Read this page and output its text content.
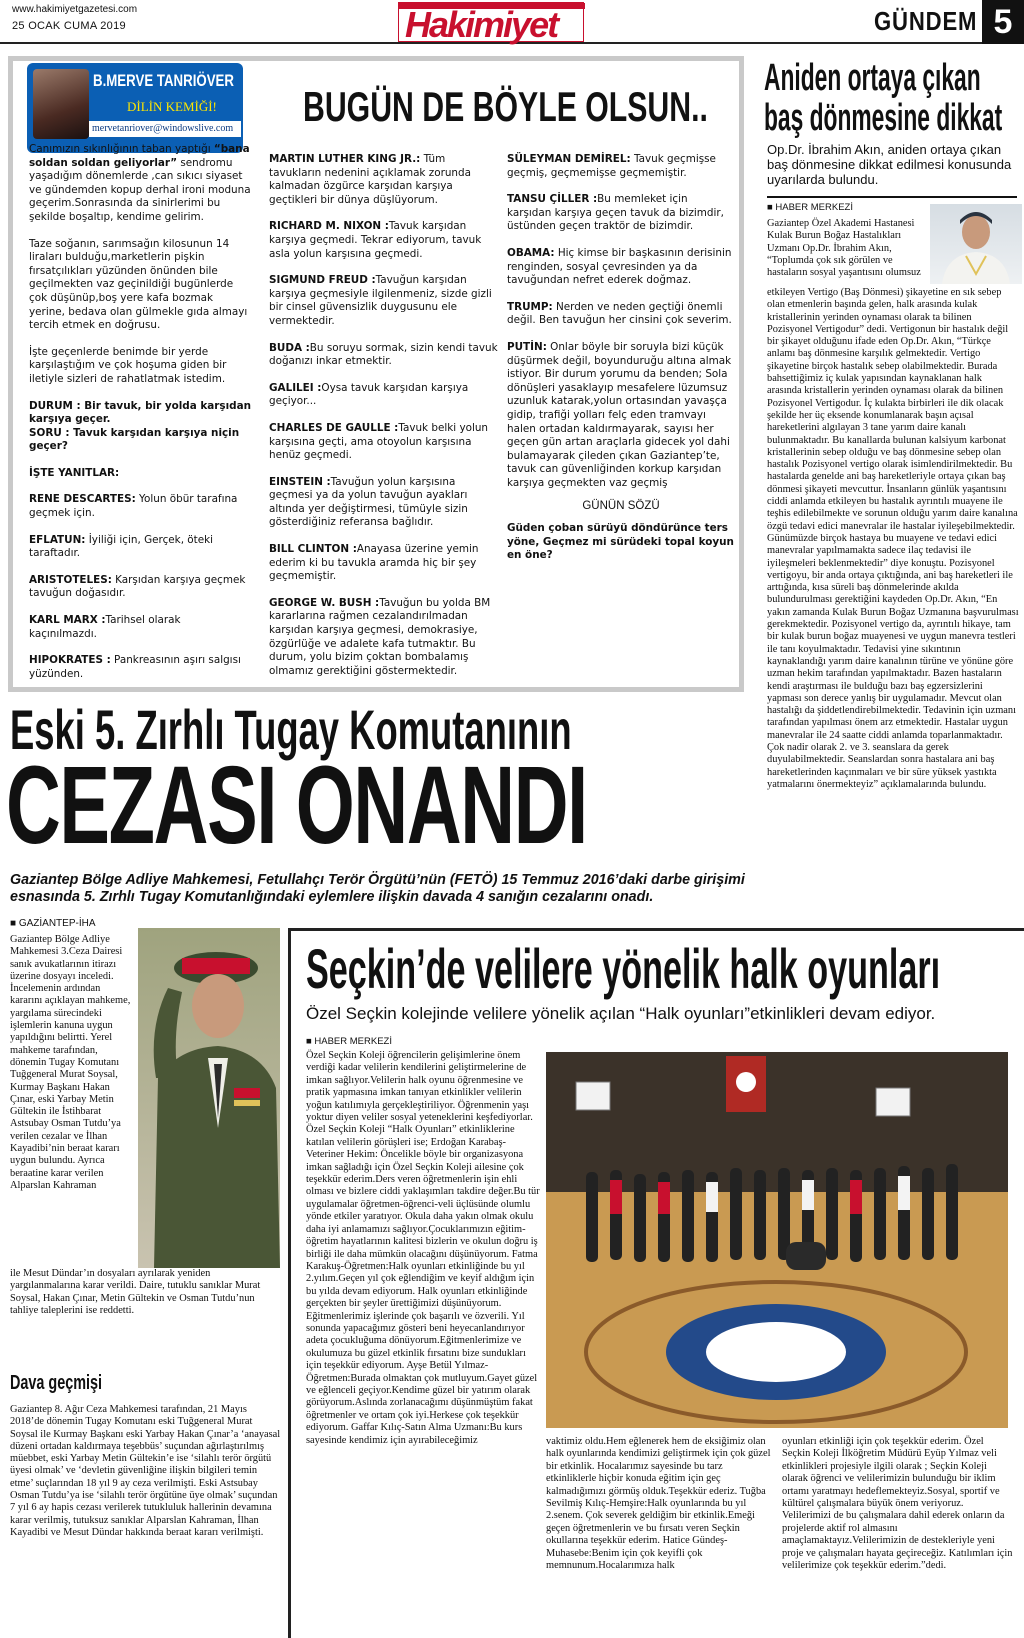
www.hakimiyetgazetesi.com
25 OCAK CUMA 2019	Hakimiyet	GÜNDEM 5
B.MERVE TANRIÖVER
DİLİN KEMİĞİ!
mervetanriover@windowslive.com BUGÜN DE BÖYLE OLSUN..

Canımızın sıkınlığının taban yaptığı “bana soldan soldan geliyorlar” sendromu yaşadığım dönemlerde ,can sıkıcı siyaset ve gündemden kopup derhal ironi moduna geçerim.Sonrasında da sinirlerimi bu şekilde boşaltıp, kendime gelirim.

Taze soğanın, sarımsağın kilosunun 14 liraları bulduğu,marketlerin pişkin fırsatçılıkları yüzünden önünden bile geçilmekten vaz geçinildiği bugünlerde çok düşünüp,boş yere kafa bozmak yerine, bedava olan gülmekle gıda almayı tercih etmek en doğrusu.

İşte geçenlerde benimde bir yerde karşılaştığım ve çok hoşuma giden bir iletiyle sizleri de rahatlatmak istedim.

DURUM : Bir tavuk, bir yolda karşıdan karşıya geçer.
SORU : Tavuk karşıdan karşıya niçin geçer?

İŞTE YANITLAR:

RENE DESCARTES: Yolun öbür tarafına geçmek için.

EFLATUN: İyiliği için, Gerçek, öteki taraftadır.

ARISTOTELES: Karşıdan karşıya geçmek tavuğun doğasıdır.

KARL MARX :Tarihsel olarak kaçınılmazdı.

HIPOKRATES : Pankreasının aşırı salgısı yüzünden.

MARTIN LUTHER KING JR.: Tüm tavukların nedenini açıklamak zorunda kalmadan özgürce karşıdan karşıya geçtikleri bir dünya düşlüyorum.

RICHARD M. NIXON :Tavuk karşıdan karşıya geçmedi. Tekrar ediyorum, tavuk asla yolun karşısına geçmedi.

SIGMUND FREUD :Tavuğun karşıdan karşıya geçmesiyle ilgilenmeniz, sizde gizli bir cinsel güvensizlik duygusunu ele vermektedir.

BUDA :Bu soruyu sormak, sizin kendi tavuk doğanızı inkar etmektir.

GALILEI :Oysa tavuk karşıdan karşıya geçiyor...

CHARLES DE GAULLE :Tavuk belki yolun karşısına geçti, ama otoyolun karşısına henüz geçmedi.

EINSTEIN :Tavuğun yolun karşısına geçmesi ya da yolun tavuğun ayakları altında yer değiştirmesi, tümüyle sizin gösterdiğiniz referansa bağlıdır.

BILL CLINTON :Anayasa üzerine yemin ederim ki bu tavukla aramda hiç bir şey geçmemiştir.

GEORGE W. BUSH :Tavuğun bu yolda BM kararlarına rağmen cezalandırılmadan karşıdan karşıya geçmesi, demokrasiye, özgürlüğe ve adalete kafa tutmaktır. Bu durum, yolu bizim çoktan bombalamış olmamız gerektiğini göstermektedir.

SÜLEYMAN DEMİREL: Tavuk geçmişse geçmiş, geçmemişse geçmemiştir.

TANSU ÇİLLER :Bu memleket için karşıdan karşıya geçen tavuk da bizimdir, üstünden geçen traktör de bizimdir.

OBAMA: Hiç kimse bir başkasının derisinin renginden, sosyal çevresinden ya da tavuğundan nefret ederek doğmaz.

TRUMP: Nerden ve neden geçtiği önemli değil. Ben tavuğun her cinsini çok severim.

PUTİN: Onlar böyle bir soruyla bizi küçük düşürmek değil, boyunduruğu altına almak istiyor. Bir durum yorumu da benden; Sola dönüşleri yasaklayıp mesafelere lüzumsuz uzunluk katarak,yolun ortasından yavaşça gidip, trafiği yolları felç eden tramvayı halen ortadan kaldırmayarak, sayısı her geçen gün artan araçlarla gidecek yol dahi bulamayarak çileden çıkan Gaziantep’te, tavuk can güvenliğinden korkup karşıdan karşıya geçmekten vaz geçmiş

GÜNÜN SÖZÜ

Güden çoban sürüyü döndürünce ters yöne, Geçmez mi sürüdeki topal koyun en öne?

Aniden ortaya çıkan
baş dönmesine dikkat
Op.Dr. İbrahim Akın, aniden ortaya çıkan baş dönmesine dikkat edilmesi konusunda uyarılarda bulundu.
■ HABER MERKEZİ
Gaziantep Özel Akademi Hastanesi Kulak Burun Boğaz Hastalıkları Uzmanı Op.Dr. İbrahim Akın, “Toplumda çok sık görülen ve hastaların sosyal yaşantısını olumsuz
etkileyen Vertigo (Baş Dönmesi) şikayetine en sık sebep olan etmenlerin başında gelen, halk arasında kulak kristallerinin yerinden oynaması olarak ta bilinen Pozisyonel Vertigodur” dedi. Vertigonun bir hastalık değil bir şikayet olduğunu ifade eden Op.Dr. Akın, “Türkçe anlamı baş dönmesine karşılık gelmektedir. Vertigo şikayetine birçok hastalık sebep olabilmektedir. Burada bahsettiğimiz iç kulak yapısından kaynaklanan halk arasında kristallerin yerinden oynaması olarak da bilinen Pozisyonel Vertigodur. İç kulakta birbirleri ile dik olacak şekilde her üç eksende konumlanarak başın açısal hareketlerini algılayan 3 tane yarım daire kanalı bulunmaktadır. Bu kanallarda bulunan kalsiyum karbonat kristallerinin sebep olduğu ve baş dönmesine sebep olan hastalık Pozisyonel vertigo olarak isimlendirilmektedir. Bu hastalarda genelde ani baş hareketleriyle ortaya çıkan baş dönmesi şikayeti mevcuttur. İnsanların günlük yaşantısını ciddi anlamda etkileyen bu hastalık ayrıntılı muayene ile teşhis edilebilmekte ve sorunun olduğu yarım daire kanalına özgü tedavi edici manevralar ile hastalar iyileşebilmektedir. Günümüzde birçok hastaya bu muayene ve tedavi edici manevralar yapılmamakta sadece ilaç tedavisi ile iyileşmeleri beklenmektedir” diye konuştu. Pozisyonel vertigoyu, bir anda ortaya çıktığında, ani baş hareketleri ile arttığında, kısa süreli baş dönmelerinde akılda bulundurulması gerektiğini kaydeden Op.Dr. Akın, “En yakın zamanda Kulak Burun Boğaz Uzmanına başvurulması gerekmektedir. Pozisyonel vertigo da, ayrıntılı hikaye, tam bir kulak burun boğaz muayenesi ve uygun manevra testleri ile tanı koyulmaktadır. Tedavisi yine sıkıntının kaynaklandığı yarım daire kanalının türüne ve yönüne göre uzman hekim tarafından yapılmaktadır. Bazen hastaların kendi araştırması ile bulduğu bazı baş egzersizlerini yapması son derece yanlış bir uygulamadır. Mevcut olan hastalığı da şiddetlendirebilmektedir. Tedavinin için uzmanı tarafından yapılması önem arz etmektedir. Hastalar uygun manevralar ile 24 saatte ciddi anlamda toparlanmaktadır. Çok nadir olarak 2. ve 3. seanslara da gerek duyulabilmektedir. Seanslardan sonra hastalara ani baş hareketlerinden kaçınmaları ve bir süre yüksek yastıkta yatmalarını önermekteyiz” açıklamalarında bulundu.
Eski 5. Zırhlı Tugay Komutanının
CEZASI ONANDI
Gaziantep Bölge Adliye Mahkemesi, Fetullahçı Terör Örgütü’nün (FETÖ) 15 Temmuz 2016’daki darbe girişimi esnasında 5. Zırhlı Tugay Komutanlığındaki eylemlere ilişkin davada 4 sanığın cezalarını onadı.
■ GAZİANTEP-İHA
Gaziantep Bölge Adliye Mahkemesi 3.Ceza Dairesi sanık avukatlarının itirazı üzerine dosyayı inceledi. İncelemenin ardından kararını açıklayan mahkeme, yargılama sürecindeki işlemlerin kanuna uygun yapıldığını belirtti. Yerel mahkeme tarafından, dönemin Tugay Komutanı Tuğgeneral Murat Soysal, Kurmay Başkanı Hakan Çınar, eski Yarbay Metin Gültekin ile İstihbarat Astsubay Osman Tutdu’ya verilen cezalar ve İlhan Kayadibi’nin beraat kararı uygun bulundu. Ayrıca beraatine karar verilen Alparslan Kahraman
ile Mesut Dündar’ın dosyaları ayrılarak yeniden yargılanmalarına karar verildi. Daire, tutuklu sanıklar Murat Soysal, Hakan Çınar, Metin Gültekin ve Osman Tutdu’nun tahliye taleplerini ise reddetti.
Dava geçmişi
Gaziantep 8. Ağır Ceza Mahkemesi tarafından, 21 Mayıs 2018’de dönemin Tugay Komutanı eski Tuğgeneral Murat Soysal ile Kurmay Başkanı eski Yarbay Hakan Çınar’a ‘anayasal düzeni ortadan kaldırmaya teşebbüs’ suçundan ağırlaştırılmış müebbet, eski Yarbay Metin Gültekin’e ise ‘silahlı terör örgütü üyesi olmak’ ve ‘devletin güvenliğine ilişkin bilgileri temin etme’ suçlarından 18 yıl 9 ay ceza verilmişti. Eski Astsubay Osman Tutdu’ya ise ‘silahlı terör örgütüne üye olmak’ suçundan 7 yıl 6 ay hapis cezası verilerek tutukluluk hallerinin devamına karar verilmiş, tutuksuz sanıklar Alparslan Kahraman, İlhan Kayadibi ve Mesut Dündar hakkında beraat kararı verilmişti.
Seçkin’de velilere yönelik halk oyunları
Özel Seçkin kolejinde velilere yönelik açılan “Halk oyunları”etkinlikleri devam ediyor.
■ HABER MERKEZİ
Özel Seçkin Koleji öğrencilerin gelişimlerine önem verdiği kadar velilerin kendilerini geliştirmelerine de imkan sağlıyor.Velilerin halk oyunu öğrenmesine ve pratik yapmasına imkan tanıyan etkinlikler velilerin yoğun katılımıyla gerçekleştiriliyor. Öğrenmenin yaşı yoktur diyen veliler sosyal yeteneklerini keşfediyorlar. Özel Seçkin Koleji “Halk Oyunları” etkinliklerine katılan velilerin görüşleri ise; Erdoğan Karabaş-Veteriner Hekim: Öncelikle böyle bir organizasyona imkan sağladığı için Özel Seçkin Koleji ailesine çok teşekkür ederim.Ders veren öğretmenlerin işin ehli olması ve bizlere ciddi yaklaşımları takdire değer.Bu tür uygulamalar öğretmen-öğrenci-veli üçlüsünde olumlu yönde etkiler yaratıyor. Okula daha yakın olmak okulu daha iyi anlamamızı sağlıyor.Çocuklarımızın eğitim-öğretim hayatlarının kalitesi bizlerin ve okulun doğru iş birliği ile daha mümkün olacağını düşünüyorum. Fatma Karakuş-Öğretmen:Halk oyunları etkinliğinde bu yıl 2.yılım.Geçen yıl çok eğlendiğim ve keyif aldığım için bu yılda devam ediyorum. Halk oyunları etkinliğinde gerçekten bir şeyler ürettiğimizi düşünüyorum. Eğitmenlerimiz işlerinde çok başarılı ve özverili. Yıl sonunda yapacağımız gösteri beni heyecanlandırıyor adeta çocukluğuma dönüyorum.Eğitmenlerimize ve okulumuza bu güzel etkinlik fırsatını bize sundukları için teşekkür ediyorum. Ayşe Betül Yılmaz-Öğretmen:Burada olmaktan çok mutluyum.Gayet güzel ve eğlenceli geçiyor.Kendime güzel bir yatırım olarak görüyorum.Aslında zorlanacağımı düşünmüştüm fakat öğretmenler ve ortam çok iyi.Herkese çok teşekkür ediyorum. Gaffar Kılıç-Satın Alma Uzmanı:Bu kurs sayesinde kendimiz için ayırabileceğimiz	vaktimiz oldu.Hem eğlenerek hem de eksiğimiz olan halk oyunlarında kendimizi geliştirmek için çok güzel bir etkinlik. Hocalarımız sayesinde bu tarz etkinliklerle hiçbir konuda eğitim için geç kalmadığımızı görmüş olduk.Teşekkür ederiz. Tuğba Sevilmiş Kılıç-Hemşire:Halk oyunlarında bu yıl 2.senem. Çok severek geldiğim bir etkinlik.Emeği geçen öğretmenlerin ve bu fırsatı veren Seçkin okullarına teşekkür ederim. Hatice Gündeş-Muhasebe:Benim için çok keyifli çok memnunum.Hocalarımıza halk
oyunları etkinliği için çok teşekkür ederim. Özel Seçkin Koleji İlköğretim Müdürü Eyüp Yılmaz veli etkinlikleri projesiyle ilgili olarak ; Seçkin Koleji olarak öğrenci ve velilerimizin bulunduğu bir iklim ortamı yaratmayı hedeflemekteyiz.Sosyal, sportif ve kültürel çalışmalara büyük önem veriyoruz. Velilerimizi de bu çalışmalara dahil ederek onların da projelerde aktif rol almasını amaçlamaktayız.Velilerimizin de destekleriyle yeni proje ve çalışmaları hayata geçireceğiz. Katılımları için velilerimize çok teşekkür ederim.”dedi.
